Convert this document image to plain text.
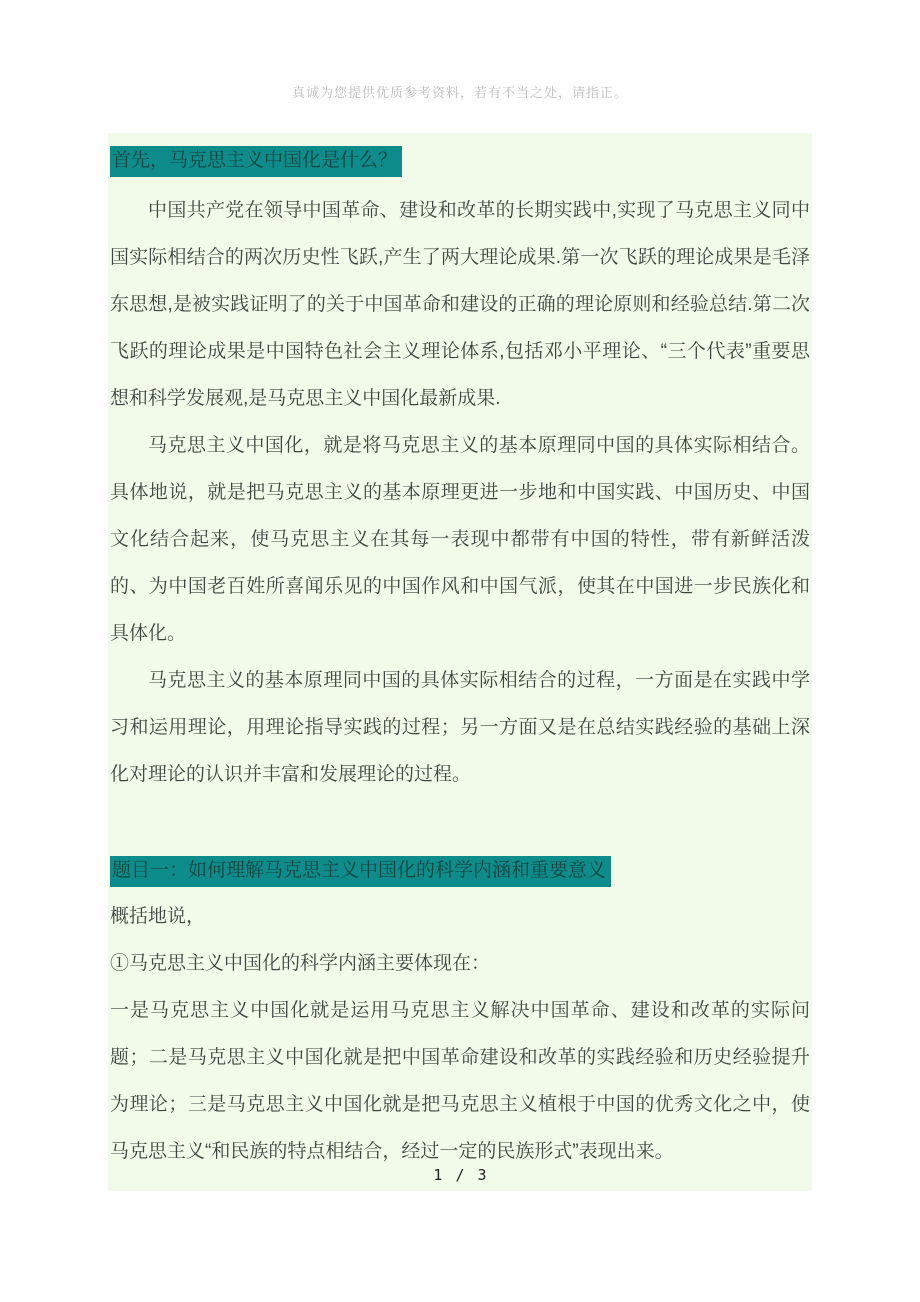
真诚为您提供优质参考资料，若有不当之处，请指正。
首先，马克思主义中国化是什么？

中国共产党在领导中国革命、建设和改革的长期实践中,实现了马克思主义同中国实际相结合的两次历史性飞跃,产生了两大理论成果.第一次飞跃的理论成果是毛泽东思想,是被实践证明了的关于中国革命和建设的正确的理论原则和经验总结.第二次飞跃的理论成果是中国特色社会主义理论体系,包括邓小平理论、“三个代表”重要思想和科学发展观,是马克思主义中国化最新成果.

马克思主义中国化，就是将马克思主义的基本原理同中国的具体实际相结合。具体地说，就是把马克思主义的基本原理更进一步地和中国实践、中国历史、中国文化结合起来，使马克思主义在其每一表现中都带有中国的特性，带有新鲜活泼的、为中国老百姓所喜闻乐见的中国作风和中国气派，使其在中国进一步民族化和具体化。

马克思主义的基本原理同中国的具体实际相结合的过程，一方面是在实践中学习和运用理论，用理论指导实践的过程；另一方面又是在总结实践经验的基础上深化对理论的认识并丰富和发展理论的过程。

题目一：如何理解马克思主义中国化的科学内涵和重要意义

概括地说，

①马克思主义中国化的科学内涵主要体现在：

一是马克思主义中国化就是运用马克思主义解决中国革命、建设和改革的实际问题；二是马克思主义中国化就是把中国革命建设和改革的实践经验和历史经验提升为理论；三是马克思主义中国化就是把马克思主义植根于中国的优秀文化之中，使马克思主义“和民族的特点相结合，经过一定的民族形式”表现出来。

1 / 3
